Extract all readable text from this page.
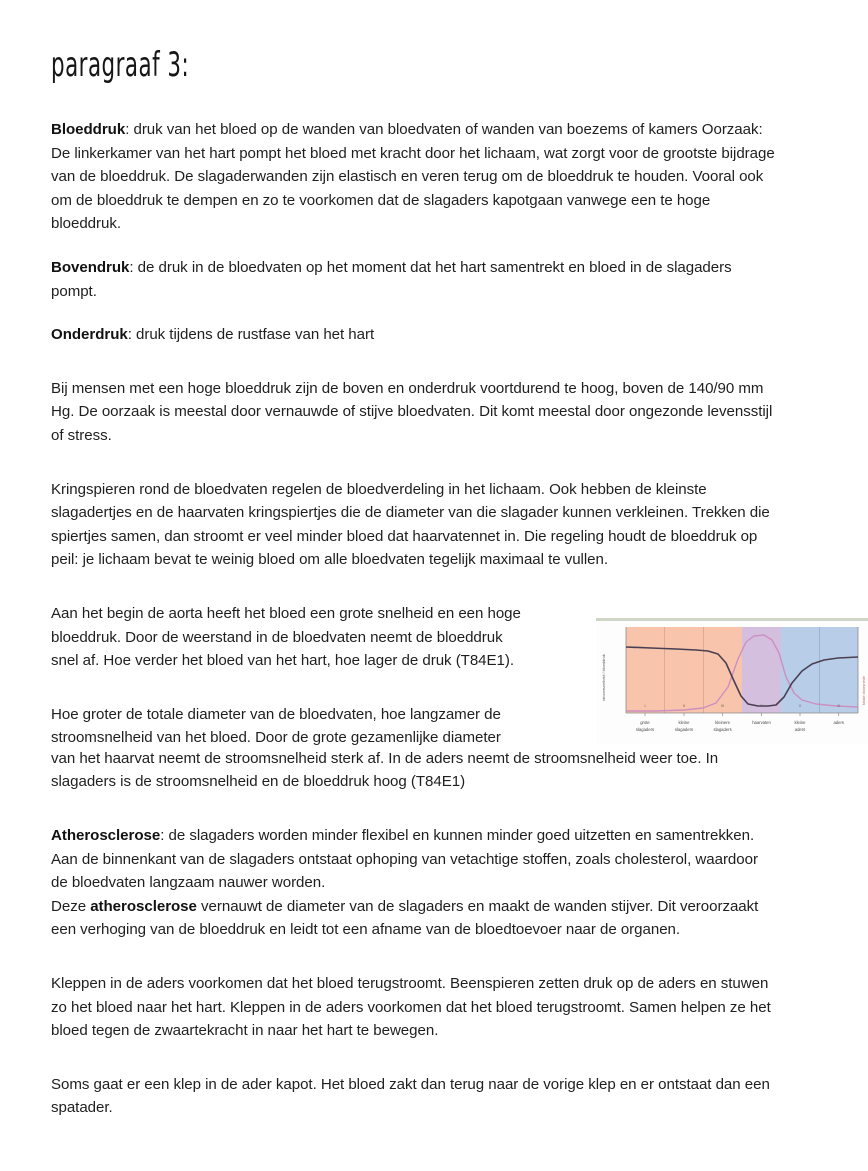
paragraaf 3:

Bloeddruk: druk van het bloed op de wanden van bloedvaten of wanden van boezems of kamers Oorzaak: De linkerkamer van het hart pompt het bloed met kracht door het lichaam, wat zorgt voor de grootste bijdrage van de bloeddruk. De slagaderwanden zijn elastisch en veren terug om de bloeddruk te houden. Vooral ook om de bloeddruk te dempen en zo te voorkomen dat de slagaders kapotgaan vanwege een te hoge bloeddruk.

Bovendruk: de druk in de bloedvaten op het moment dat het hart samentrekt en bloed in de slagaders pompt.

Onderdruk: druk tijdens de rustfase van het hart

Bij mensen met een hoge bloeddruk zijn de boven en onderdruk voortdurend te hoog, boven de 140/90 mm Hg. De oorzaak is meestal door vernauwde of stijve bloedvaten. Dit komt meestal door ongezonde levensstijl of stress.

Kringspieren rond de bloedvaten regelen de bloedverdeling in het lichaam. Ook hebben de kleinste slagadertjes en de haarvaten kringspiertjes die de diameter van die slagader kunnen verkleinen. Trekken die spiertjes samen, dan stroomt er veel minder bloed dat haarvatennet in. Die regeling houdt de bloeddruk op peil: je lichaam bevat te weinig bloed om alle bloedvaten tegelijk maximaal te vullen.

I	II	III	IV	V	VI
grote
slagaders
kleine
slagaders
kleinere
slagaders
haarvaten	kleine
aders
aders
stroomsnelheid / bloeddruk	totale doorsnede

Aan het begin de aorta heeft het bloed een grote snelheid en een hoge bloeddruk. Door de weerstand in de bloedvaten neemt de bloeddruk snel af. Hoe verder het bloed van het hart, hoe lager de druk (T84E1).

Hoe groter de totale diameter van de bloedvaten, hoe langzamer de stroomsnelheid van het bloed. Door de grote gezamenlijke diameter

van het haarvat neemt de stroomsnelheid sterk af. In de aders neemt de stroomsnelheid weer toe. In slagaders is de stroomsnelheid en de bloeddruk hoog (T84E1)

Atherosclerose: de slagaders worden minder flexibel en kunnen minder goed uitzetten en samentrekken. Aan de binnenkant van de slagaders ontstaat ophoping van vetachtige stoffen, zoals cholesterol, waardoor de bloedvaten langzaam nauwer worden.

Deze atherosclerose vernauwt de diameter van de slagaders en maakt de wanden stijver. Dit veroorzaakt een verhoging van de bloeddruk en leidt tot een afname van de bloedtoevoer naar de organen.

Kleppen in de aders voorkomen dat het bloed terugstroomt. Beenspieren zetten druk op de aders en stuwen zo het bloed naar het hart. Kleppen in de aders voorkomen dat het bloed terugstroomt. Samen helpen ze het bloed tegen de zwaartekracht in naar het hart te bewegen.

Soms gaat er een klep in de ader kapot. Het bloed zakt dan terug naar de vorige klep en er ontstaat dan een spatader.
